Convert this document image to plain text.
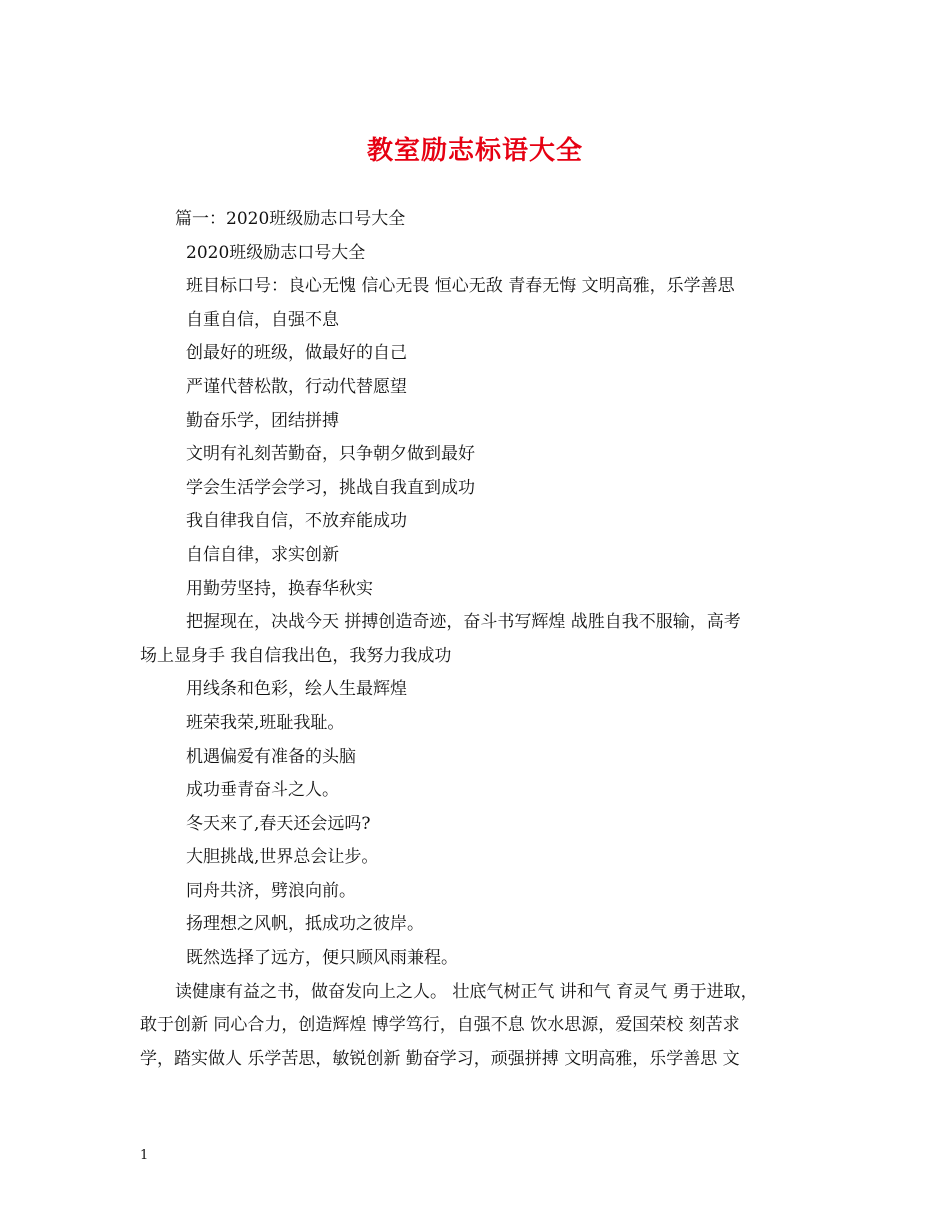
教室励志标语大全
篇一：2020班级励志口号大全
2020班级励志口号大全
班目标口号：良心无愧 信心无畏 恒心无敌 青春无悔 文明高雅，乐学善思
自重自信，自强不息
创最好的班级，做最好的自己
严谨代替松散，行动代替愿望
勤奋乐学，团结拼搏
文明有礼刻苦勤奋，只争朝夕做到最好
学会生活学会学习，挑战自我直到成功
我自律我自信，不放弃能成功
自信自律，求实创新
用勤劳坚持，换春华秋实
把握现在，决战今天 拼搏创造奇迹，奋斗书写辉煌 战胜自我不服输，高考
场上显身手 我自信我出色，我努力我成功
用线条和色彩，绘人生最辉煌
班荣我荣,班耻我耻。
机遇偏爱有准备的头脑
成功垂青奋斗之人。
冬天来了,春天还会远吗?
大胆挑战,世界总会让步。
同舟共济，劈浪向前。
扬理想之风帆，抵成功之彼岸。
既然选择了远方，便只顾风雨兼程。
读健康有益之书，做奋发向上之人。 壮底气树正气 讲和气 育灵气 勇于进取，
敢于创新 同心合力，创造辉煌 博学笃行，自强不息 饮水思源，爱国荣校 刻苦求
学，踏实做人 乐学苦思，敏锐创新 勤奋学习，顽强拼搏 文明高雅，乐学善思 文
1
